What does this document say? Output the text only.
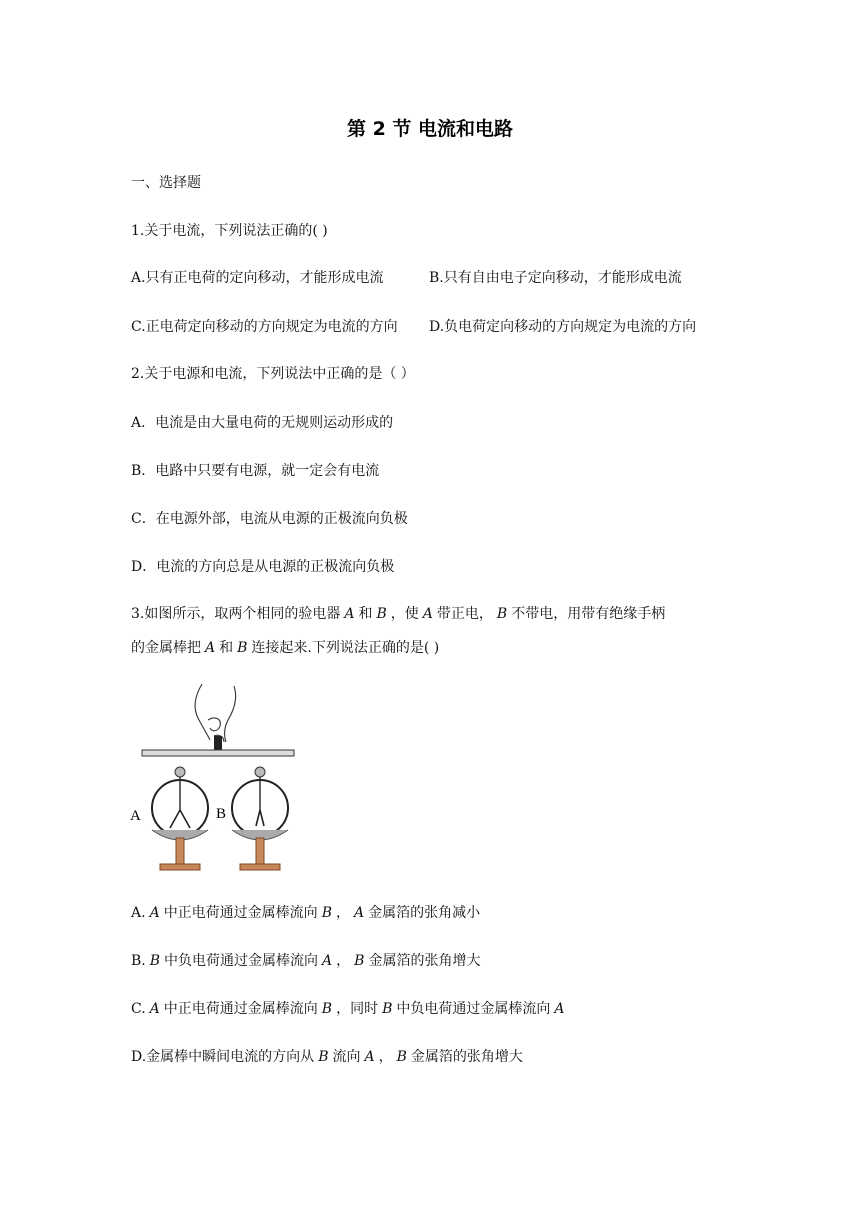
第 2 节 电流和电路
一、选择题
1.关于电流，下列说法正确的( )
A.只有正电荷的定向移动，才能形成电流	B.只有自由电子定向移动，才能形成电流
C.正电荷定向移动的方向规定为电流的方向 D.负电荷定向移动的方向规定为电流的方向
2.关于电源和电流，下列说法中正确的是（ ）
A．电流是由大量电荷的无规则运动形成的
B．电路中只要有电源，就一定会有电流
C．在电源外部，电流从电源的正极流向负极
D．电流的方向总是从电源的正极流向负极
3.如图所示，取两个相同的验电器 A 和 B ，使 A 带正电， B 不带电，用带有绝缘手柄
的金属棒把 A 和 B 连接起来.下列说法正确的是( )
A	B
A. A 中正电荷通过金属棒流向 B ， A 金属箔的张角减小
B. B 中负电荷通过金属棒流向 A ， B 金属箔的张角增大
C. A 中正电荷通过金属棒流向 B ，同时 B 中负电荷通过金属棒流向 A
D.金属棒中瞬间电流的方向从 B 流向 A ， B 金属箔的张角增大
